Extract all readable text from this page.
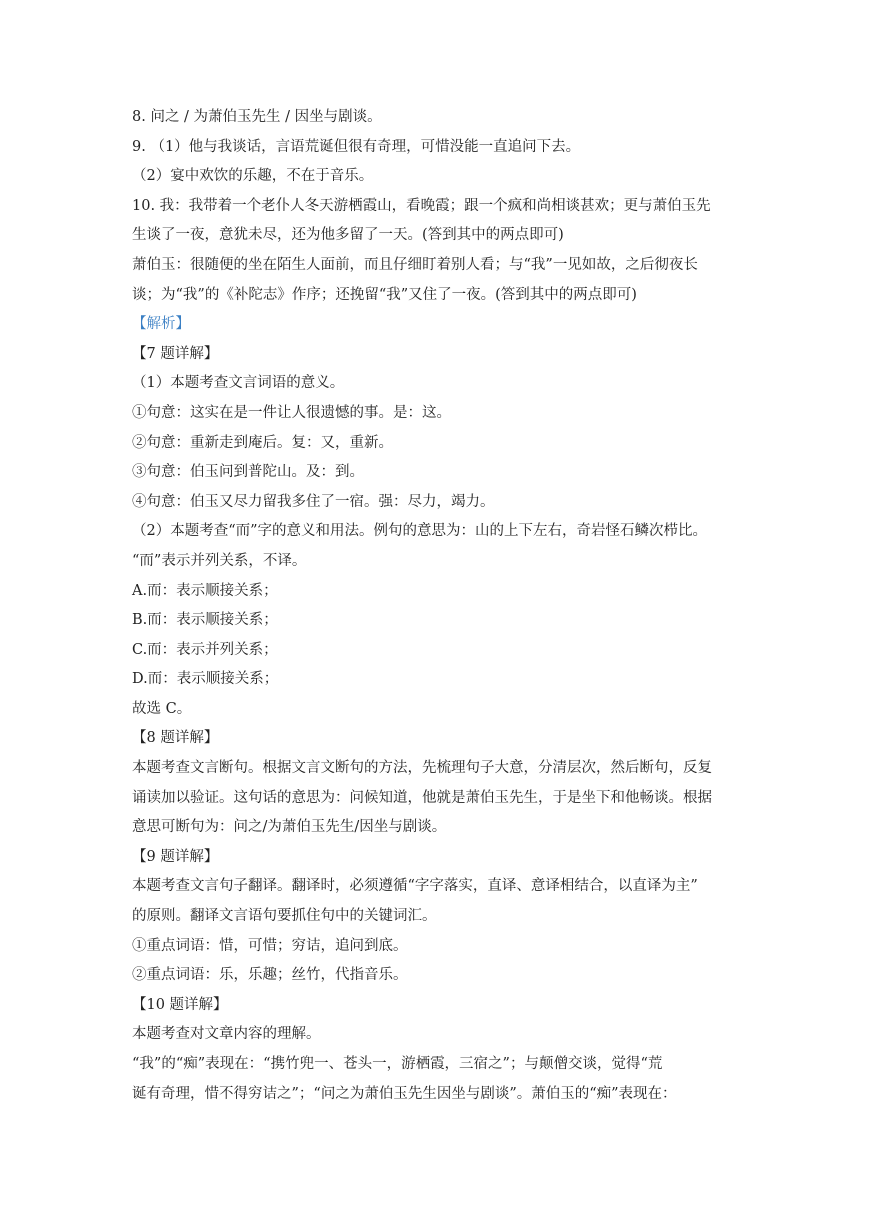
8. 问之 / 为萧伯玉先生 / 因坐与剧谈。
9. （1）他与我谈话，言语荒诞但很有奇理，可惜没能一直追问下去。
（2）宴中欢饮的乐趣，不在于音乐。
10. 我：我带着一个老仆人冬天游栖霞山，看晚霞；跟一个疯和尚相谈甚欢；更与萧伯玉先
生谈了一夜，意犹未尽，还为他多留了一天。(答到其中的两点即可)
萧伯玉：很随便的坐在陌生人面前，而且仔细盯着别人看；与“我”一见如故，之后彻夜长
谈；为“我”的《补陀志》作序；还挽留“我”又住了一夜。(答到其中的两点即可)
【解析】
【7 题详解】
（1）本题考查文言词语的意义。
①句意：这实在是一件让人很遗憾的事。是：这。
②句意：重新走到庵后。复：又，重新。
③句意：伯玉问到普陀山。及：到。
④句意：伯玉又尽力留我多住了一宿。强：尽力，竭力。
（2）本题考查“而”字的意义和用法。例句的意思为：山的上下左右，奇岩怪石鳞次栉比。
“而”表示并列关系，不译。
A.而：表示顺接关系；
B.而：表示顺接关系；
C.而：表示并列关系；
D.而：表示顺接关系；
故选 C。
【8 题详解】
本题考查文言断句。根据文言文断句的方法，先梳理句子大意，分清层次，然后断句，反复
诵读加以验证。这句话的意思为：问候知道，他就是萧伯玉先生，于是坐下和他畅谈。根据
意思可断句为：问之/为萧伯玉先生/因坐与剧谈。
【9 题详解】
本题考查文言句子翻译。翻译时，必须遵循“字字落实，直译、意译相结合，以直译为主”
的原则。翻译文言语句要抓住句中的关键词汇。
①重点词语：惜，可惜；穷诘，追问到底。
②重点词语：乐，乐趣；丝竹，代指音乐。
【10 题详解】
本题考查对文章内容的理解。
“我”的“痴”表现在：“携竹兜一、苍头一，游栖霞，三宿之”；与颠僧交谈，觉得“荒
诞有奇理，惜不得穷诘之”；“问之为萧伯玉先生因坐与剧谈”。萧伯玉的“痴”表现在：
